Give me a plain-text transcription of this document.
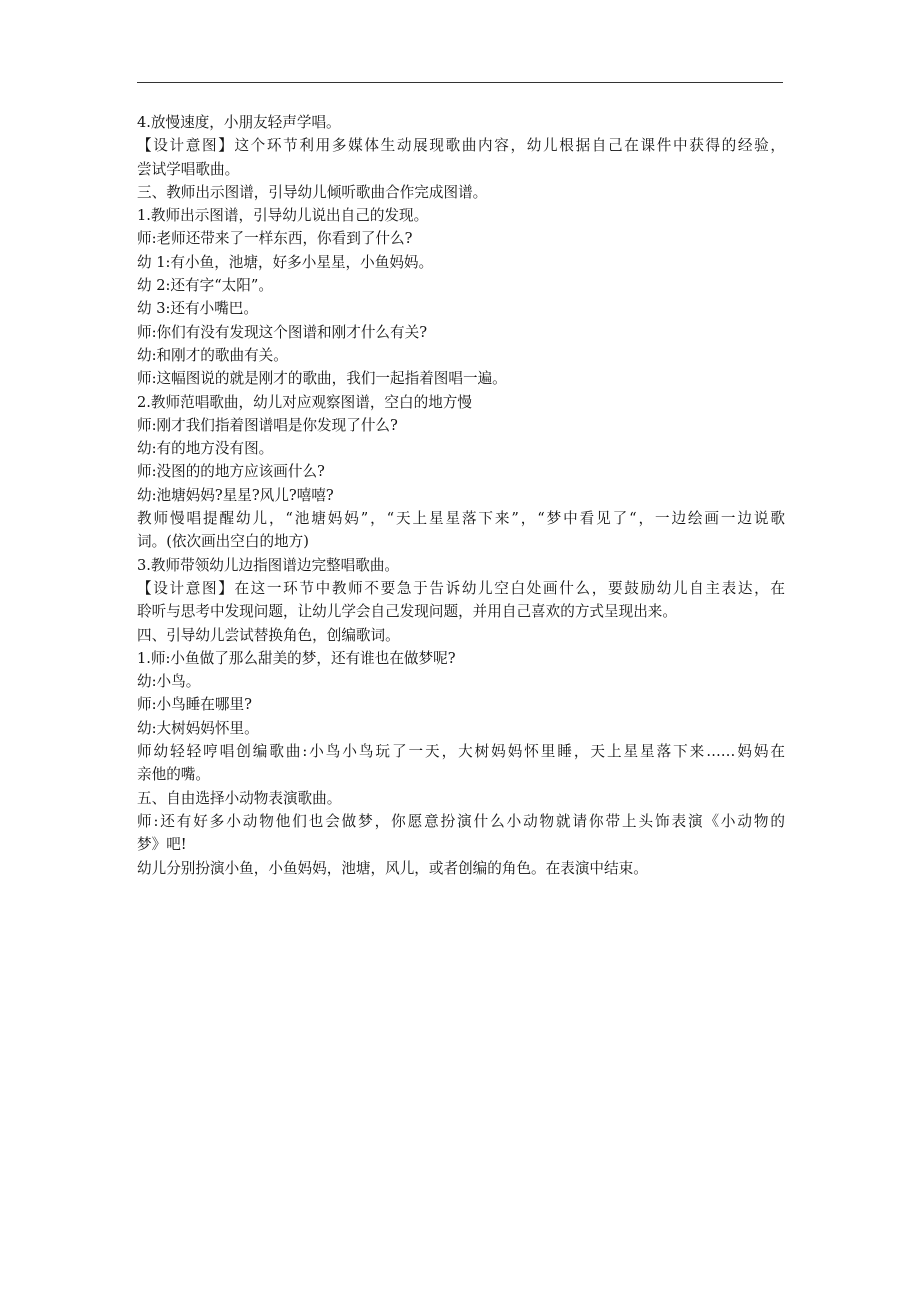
4.放慢速度，小朋友轻声学唱。
【设计意图】这个环节利用多媒体生动展现歌曲内容，幼儿根据自己在课件中获得的经验，
尝试学唱歌曲。
三、教师出示图谱，引导幼儿倾听歌曲合作完成图谱。
1.教师出示图谱，引导幼儿说出自己的发现。
师:老师还带来了一样东西，你看到了什么?
幼 1:有小鱼，池塘，好多小星星，小鱼妈妈。
幼 2:还有字“太阳”。
幼 3:还有小嘴巴。
师:你们有没有发现这个图谱和刚才什么有关?
幼:和刚才的歌曲有关。
师:这幅图说的就是刚才的歌曲，我们一起指着图唱一遍。
2.教师范唱歌曲，幼儿对应观察图谱，空白的地方慢
师:刚才我们指着图谱唱是你发现了什么?
幼:有的地方没有图。
师:没图的的地方应该画什么?
幼:池塘妈妈?星星?风儿?嘻嘻?
教师慢唱提醒幼儿，“池塘妈妈”，“天上星星落下来”，“梦中看见了“，一边绘画一边说歌
词。(依次画出空白的地方)
3.教师带领幼儿边指图谱边完整唱歌曲。
【设计意图】在这一环节中教师不要急于告诉幼儿空白处画什么，要鼓励幼儿自主表达，在
聆听与思考中发现问题，让幼儿学会自己发现问题，并用自己喜欢的方式呈现出来。
四、引导幼儿尝试替换角色，创编歌词。
1.师:小鱼做了那么甜美的梦，还有谁也在做梦呢?
幼:小鸟。
师:小鸟睡在哪里?
幼:大树妈妈怀里。
师幼轻轻哼唱创编歌曲:小鸟小鸟玩了一天，大树妈妈怀里睡，天上星星落下来……妈妈在
亲他的嘴。
五、自由选择小动物表演歌曲。
师:还有好多小动物他们也会做梦，你愿意扮演什么小动物就请你带上头饰表演《小动物的
梦》吧!
幼儿分别扮演小鱼，小鱼妈妈，池塘，风儿，或者创编的角色。在表演中结束。
